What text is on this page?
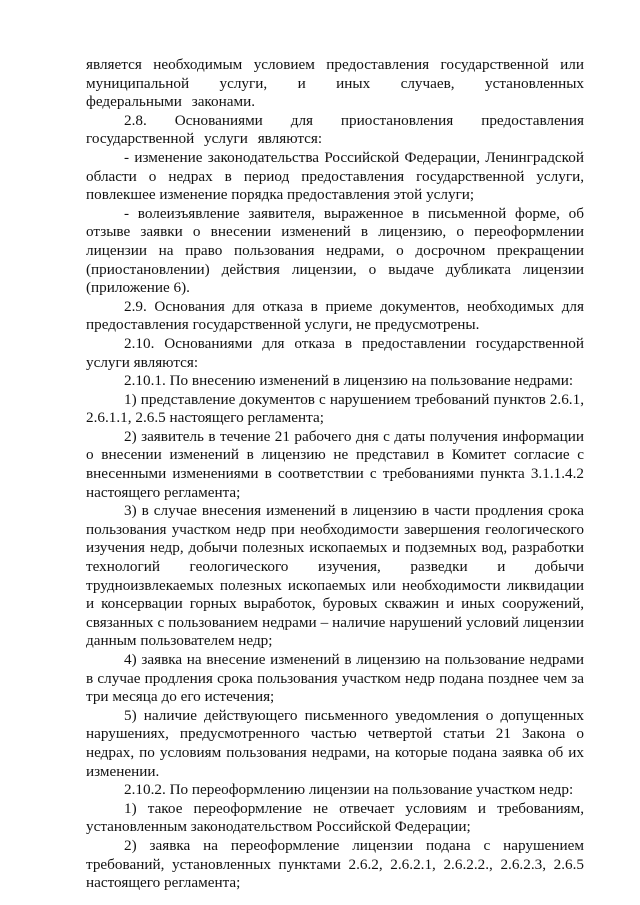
является необходимым условием предоставления государственной или муниципальной услуги, и иных случаев, установленных федеральными законами.

2.8. Основаниями для приостановления предоставления государственной услуги являются:

- изменение законодательства Российской Федерации, Ленинградской области о недрах в период предоставления государственной услуги, повлекшее изменение порядка предоставления этой услуги;

- волеизъявление заявителя, выраженное в письменной форме, об отзыве заявки о внесении изменений в лицензию, о переоформлении лицензии на право пользования недрами, о досрочном прекращении (приостановлении) действия лицензии, о выдаче дубликата лицензии (приложение 6).

2.9. Основания для отказа в приеме документов, необходимых для предоставления государственной услуги, не предусмотрены.

2.10. Основаниями для отказа в предоставлении государственной услуги являются:

2.10.1. По внесению изменений в лицензию на пользование недрами:

1) представление документов с нарушением требований пунктов 2.6.1, 2.6.1.1, 2.6.5 настоящего регламента;

2) заявитель в течение 21 рабочего дня с даты получения информации о внесении изменений в лицензию не представил в Комитет согласие с внесенными изменениями в соответствии с требованиями пункта 3.1.1.4.2 настоящего регламента;

3) в случае внесения изменений в лицензию в части продления срока пользования участком недр при необходимости завершения геологического изучения недр, добычи полезных ископаемых и подземных вод, разработки технологий геологического изучения, разведки и добычи трудноизвлекаемых полезных ископаемых или необходимости ликвидации и консервации горных выработок, буровых скважин и иных сооружений, связанных с пользованием недрами – наличие нарушений условий лицензии данным пользователем недр;

4) заявка на внесение изменений в лицензию на пользование недрами в случае продления срока пользования участком недр подана позднее чем за три месяца до его истечения;

5) наличие действующего письменного уведомления о допущенных нарушениях, предусмотренного частью четвертой статьи 21 Закона о недрах, по условиям пользования недрами, на которые подана заявка об их изменении.

2.10.2. По переоформлению лицензии на пользование участком недр:

1) такое переоформление не отвечает условиям и требованиям, установленным законодательством Российской Федерации;

2) заявка на переоформление лицензии подана с нарушением требований, установленных пунктами 2.6.2, 2.6.2.1, 2.6.2.2., 2.6.2.3, 2.6.5 настоящего регламента;
